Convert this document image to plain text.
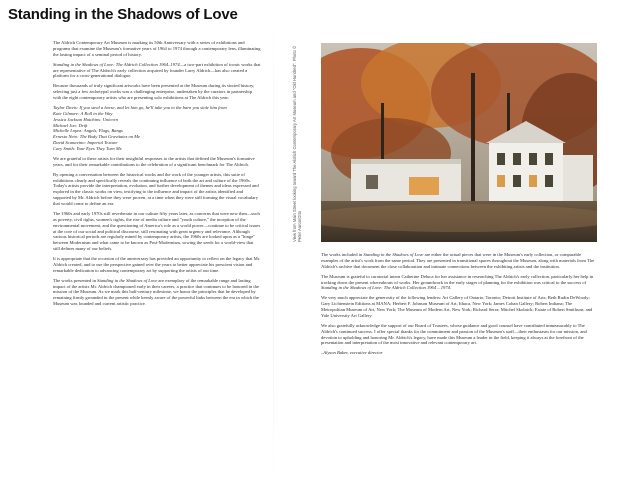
Standing in the Shadows of Love

The Aldrich Contemporary Art Museum is marking its 50th Anniversary with a series of exhibitions and programs that examine the Museum's formative years of 1964 to 1974 through a contemporary lens, illuminating the lasting impact of a seminal period of history.

Standing in the Shadows of Love: The Aldrich Collection 1964–1974—a two-part exhibition of iconic works that are representative of The Aldrich's early collection acquired by founder Larry Aldrich—has also created a platform for a cross-generational dialogue.

Because thousands of truly significant artworks have been presented at the Museum during its storied history, selecting just a few archetypal works was a challenging enterprise, undertaken by the curators in partnership with the eight contemporary artists who are presenting solo exhibitions at The Aldrich this year:

Taylor Davis: If you steal a horse, and let him go, he'll take you to the barn you stole him from
Kate Gilmore: A Roll in the Way
Jessica Jackson Hutchins: Unicorn
Michael Joo: Drift
Michelle Lopez: Angels, Flags, Bangs
Ernesto Neto: The Body That Gravitates on Me
David Scanavino: Imperial Texture
Cary Smith: Your Eyes They Turn Me

We are grateful to these artists for their insightful responses to the artists that defined the Museum's formative years, and for their remarkable contributions to the celebration of a significant benchmark for The Aldrich.

By opening a conversation between the historical works and the work of the younger artists, this suite of exhibitions clearly and specifically reveals the continuing influence of both the art and culture of the 1960s. Today's artists provide the interpretation, evolution, and further development of themes and ideas expressed and explored in the classic works on view, testifying to the influence and impact of the artists identified and supported by Mr. Aldrich before they were proven, at a time when they were still forming the visual vocabulary that would come to define an era.

The 1960s and early 1970s still reverberate in our culture fifty years later, as concerns that were new then—such as poverty, civil rights, women's rights, the rise of media culture and "youth culture," the inception of the environmental movement, and the questioning of America's role as a world power—continue to be critical issues at the core of our social and political discourse, still resonating with great urgency and relevance. Although various historical periods are regularly mined by contemporary artists, the 1960s are looked upon as a "hinge" between Modernism and what came to be known as Post-Modernism, sowing the seeds for a world-view that still defines many of our beliefs.

It is appropriate that the occasion of the anniversary has provided an opportunity to reflect on the legacy that Mr. Aldrich created, and to use the perspective gained over the years to better appreciate his prescient vision and remarkable dedication to advancing contemporary art by supporting the artists of our time.

The works presented in Standing in the Shadows of Love are exemplary of the remarkable range and lasting impact of the artists Mr. Aldrich championed early in their careers, a practice that continues to be honored in the mission of the Museum. As we mark this half-century milestone, we honor the principles that he developed by remaining firmly grounded in the present while keenly aware of the powerful links between the era in which the Museum was founded and current artistic practice.

View from Main Street looking toward The Aldrich Contemporary Art Museum and "Old Hundred". Photo © Peter Aaron/Otto

The works included in Standing in the Shadows of Love are either the actual pieces that were in the Museum's early collection, or comparable examples of the artist's work from the same period. They are presented in transitional spaces throughout the Museum, along with materials from The Aldrich's archive that document the close collaboration and intimate connections between the exhibiting artists and the institution.

The Museum is grateful to curatorial intern Catherine Deluca for her assistance in researching The Aldrich's early collection, particularly her help in tracking down the present whereabouts of works. Her groundwork in the early stages of planning for the exhibition was critical to the success of Standing in the Shadows of Love: The Aldrich Collection 1964 – 1974.

We very much appreciate the generosity of the following lenders: Art Gallery of Ontario, Toronto; Detroit Institute of Arts; Beth Rudin DeWoody; Gary Lichtenstein Editions at MANA; Herbert F. Johnson Museum of Art, Ithaca, New York; James Cohan Gallery; Robert Indiana; The Metropolitan Museum of Art, New York; The Museum of Modern Art, New York; Richard Serra; Mitchel Skolnick; Estate of Robert Smithson; and Yale University Art Gallery.

We also gratefully acknowledge the support of our Board of Trustees, whose guidance and good counsel have contributed immeasurably to The Aldrich's continued success. I offer special thanks for the commitment and passion of the Museum's staff—their enthusiasm for our mission, and devotion to upholding and honoring Mr. Aldrich's legacy, have made this Museum a leader in the field, keeping it always at the forefront of the presentation and interpretation of the most innovative and relevant contemporary art.

–Alyson Baker, executive director
